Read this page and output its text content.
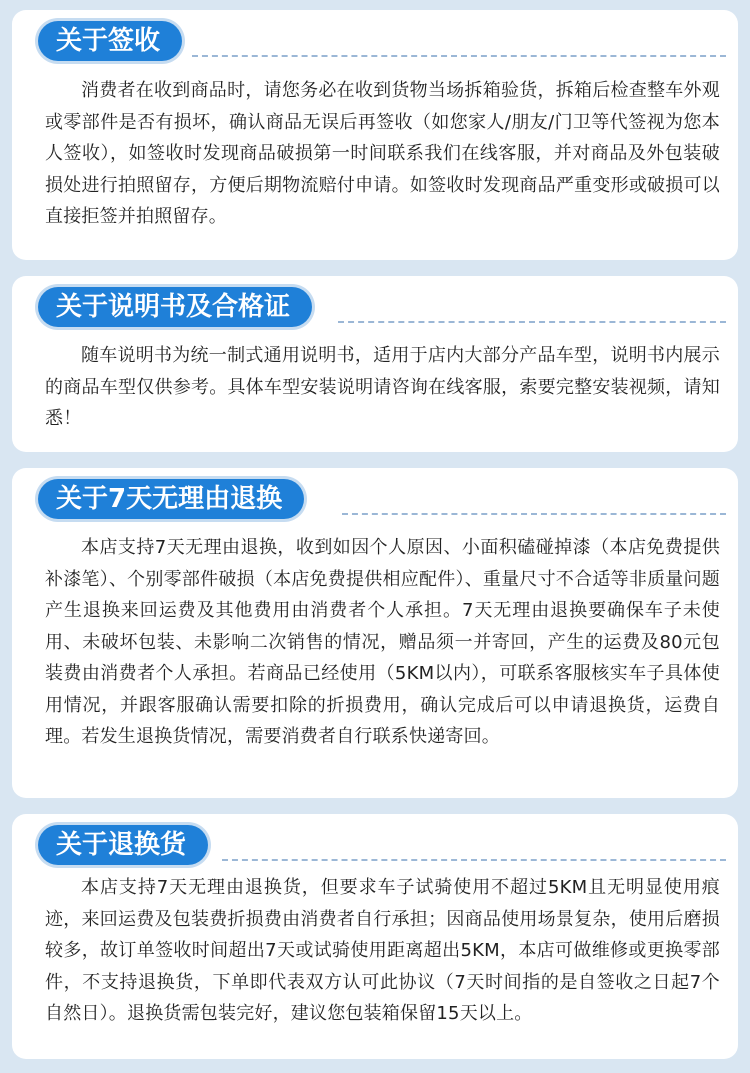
关于签收
消费者在收到商品时，请您务必在收到货物当场拆箱验货，拆箱后检查整车外观或零部件是否有损坏，确认商品无误后再签收（如您家人/朋友/门卫等代签视为您本人签收），如签收时发现商品破损第一时间联系我们在线客服，并对商品及外包装破损处进行拍照留存，方便后期物流赔付申请。如签收时发现商品严重变形或破损可以直接拒签并拍照留存。
关于说明书及合格证
随车说明书为统一制式通用说明书，适用于店内大部分产品车型，说明书内展示的商品车型仅供参考。具体车型安装说明请咨询在线客服，索要完整安装视频，请知悉！
关于7天无理由退换
本店支持7天无理由退换，收到如因个人原因、小面积磕碰掉漆（本店免费提供补漆笔）、个别零部件破损（本店免费提供相应配件）、重量尺寸不合适等非质量问题产生退换来回运费及其他费用由消费者个人承担。7天无理由退换要确保车子未使用、未破坏包装、未影响二次销售的情况，赠品须一并寄回，产生的运费及80元包装费由消费者个人承担。若商品已经使用（5KM以内），可联系客服核实车子具体使用情况，并跟客服确认需要扣除的折损费用，确认完成后可以申请退换货，运费自理。若发生退换货情况，需要消费者自行联系快递寄回。
关于退换货
本店支持7天无理由退换货，但要求车子试骑使用不超过5KM且无明显使用痕迹，来回运费及包装费折损费由消费者自行承担；因商品使用场景复杂，使用后磨损较多，故订单签收时间超出7天或试骑使用距离超出5KM，本店可做维修或更换零部件，不支持退换货，下单即代表双方认可此协议（7天时间指的是自签收之日起7个自然日）。退换货需包装完好，建议您包装箱保留15天以上。
